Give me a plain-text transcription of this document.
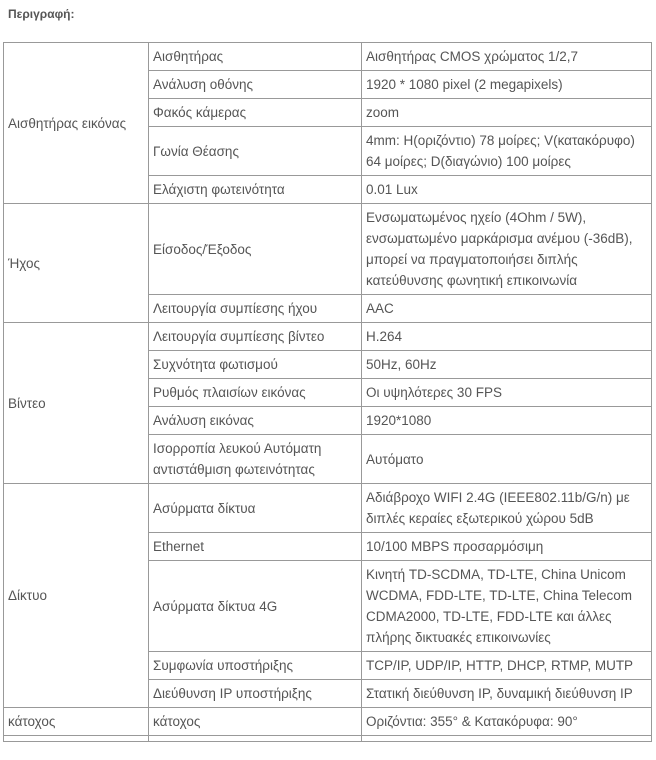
Περιγραφή:
Αισθητήρας εικόνας	Αισθητήρας	Αισθητήρας CMOS χρώματος 1/2,7
	Ανάλυση οθόνης	1920 * 1080 pixel (2 megapixels)
	Φακός κάμερας	zoom
	Γωνία Θέασης	4mm: H(οριζόντιο) 78 μοίρες; V(κατακόρυφο) 64 μοίρες; D(διαγώνιο) 100 μοίρες
	Ελάχιστη φωτεινότητα	0.01 Lux
Ήχος	Είσοδος/Έξοδος	Ενσωματωμένος ηχείο (4Ohm / 5W), ενσωματωμένο μαρκάρισμα ανέμου (-36dB), μπορεί να πραγματοποιήσει διπλής κατεύθυνσης φωνητική επικοινωνία
	Λειτουργία συμπίεσης ήχου	AAC
Βίντεο	Λειτουργία συμπίεσης βίντεο	H.264
	Συχνότητα φωτισμού	50Hz, 60Hz
	Ρυθμός πλαισίων εικόνας	Οι υψηλότερες 30 FPS
	Ανάλυση εικόνας	1920*1080
	Ισορροπία λευκού Αυτόματη αντιστάθμιση φωτεινότητας	Αυτόματο
Δίκτυο	Ασύρματα δίκτυα	Αδιάβροχο WIFI 2.4G (IEEE802.11b/G/n) με διπλές κεραίες εξωτερικού χώρου 5dB
	Ethernet	10/100 MBPS προσαρμόσιμη
	Ασύρματα δίκτυα 4G	Κινητή TD-SCDMA, TD-LTE, China Unicom WCDMA, FDD-LTE, TD-LTE, China Telecom CDMA2000, TD-LTE, FDD-LTE και άλλες πλήρης δικτυακές επικοινωνίες
	Συμφωνία υποστήριξης	TCP/IP, UDP/IP, HTTP, DHCP, RTMP, MUTP
	Διεύθυνση IP υποστήριξης	Στατική διεύθυνση IP, δυναμική διεύθυνση IP
κάτοχος	κάτοχος	Οριζόντια: 355° & Κατακόρυφα: 90°
